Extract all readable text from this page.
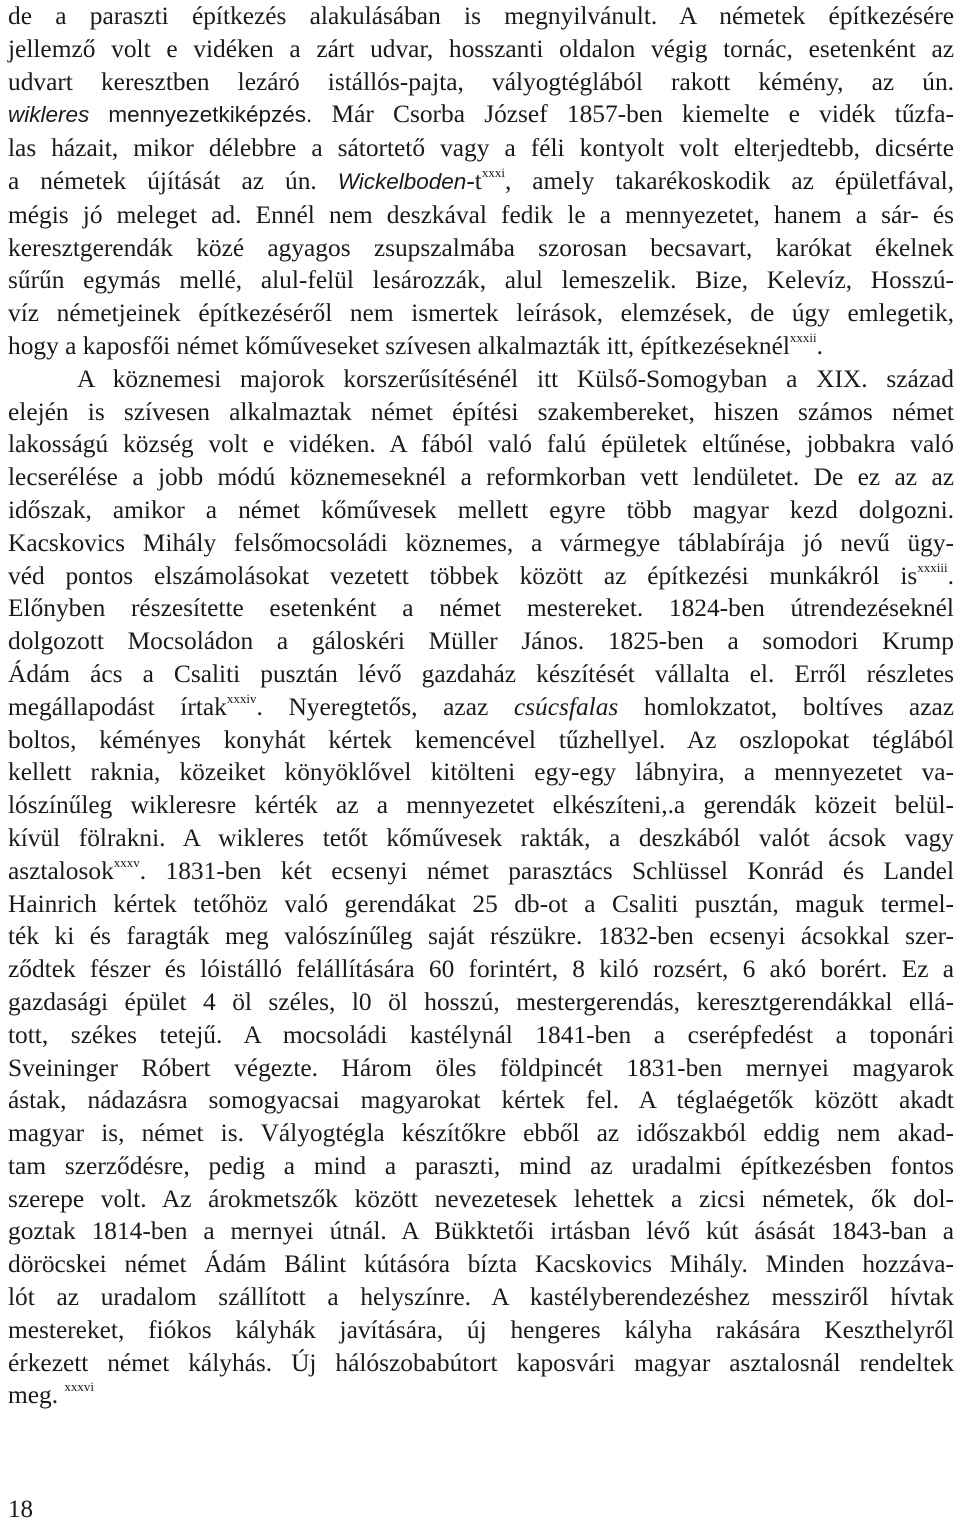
de a paraszti építkezés alakulásában is megnyilvánult. A németek építkezésére
jellemző volt e vidéken a zárt udvar, hosszanti oldalon végig tornác, esetenként az
udvart keresztben lezáró istállós-pajta, vályogtéglából rakott kémény, az ún.
wikleres mennyezetkiképzés. Már Csorba József 1857-ben kiemelte e vidék tűzfa-
las házait, mikor délebbre a sátortető vagy a féli kontyolt volt elterjedtebb, dicsérte
a németek újítását az ún. Wickelboden-$t^{xxxi}$, amely takarékoskodik az épületfával,
mégis jó meleget ad. Ennél nem deszkával fedik le a mennyezetet, hanem a sár- és
keresztgerendák közé agyagos zsupszalmába szorosan becsavart, karókat ékelnek
sűrűn egymás mellé, alul-felül lesározzák, alul lemeszelik. Bize, Kelevíz, Hosszú-
víz németjeinek építkezéséről nem ismertek leírások, elemzések, de úgy emlegetik,
hogy a kaposfői német kőműveseket szívesen alkalmazták itt, építkezéseknél$^{xxxii}$.
A köznemesi majorok korszerűsítésénél itt Külső-Somogyban a XIX. század
elején is szívesen alkalmaztak német építési szakembereket, hiszen számos német
lakosságú község volt e vidéken. A fából való falú épületek eltűnése, jobbakra való
lecserélése a jobb módú köznemeseknél a reformkorban vett lendületet. De ez az az
időszak, amikor a német kőművesek mellett egyre több magyar kezd dolgozni.
Kacskovics Mihály felsőmocsoládi köznemes, a vármegye táblabírája jó nevű ügy-
véd pontos elszámolásokat vezetett többek között az építkezési munkákról $is^{xxxiii}$.
Előnyben részesítette esetenként a német mestereket. 1824-ben útrendezéseknél
dolgozott Mocsoládon a gáloskéri Müller János. 1825-ben a somodori Krump
Ádám ács a Csaliti pusztán lévő gazdaház készítését vállalta el. Erről részletes
megállapodást írtak$^{xxxiv}$. Nyeregtetős, azaz csúcsfalas homlokzatot, boltíves azaz
boltos, kéményes konyhát kértek kemencével tűzhellyel. Az oszlopokat téglából
kellett raknia, közeiket könyöklővel kitölteni egy-egy lábnyira, a mennyezetet va-
lószínűleg wikleresre kérték az a mennyezetet elkészíteni,.a gerendák közeit belül-
kívül fölrakni. A wikleres tetőt kőművesek rakták, a deszkából valót ácsok vagy
asztalosok$^{xxxv}$. 1831-ben két ecsenyi német parasztács Schlüssel Konrád és Landel
Hainrich kértek tetőhöz való gerendákat 25 db-ot a Csaliti pusztán, maguk termel-
ték ki és faragták meg valószínűleg saját részükre. 1832-ben ecsenyi ácsokkal szer-
ződtek fészer és lóistálló felállítására 60 forintért, 8 kiló rozsért, 6 akó borért. Ez a
gazdasági épület 4 öl széles, l0 öl hosszú, mestergerendás, keresztgerendákkal ellá-
tott, székes tetejű. A mocsoládi kastélynál 1841-ben a cserépfedést a toponári
Sveininger Róbert végezte. Három öles földpincét 1831-ben mernyei magyarok
ástak, nádazásra somogyacsai magyarokat kértek fel. A téglaégetők között akadt
magyar is, német is. Vályogtégla készítőkre ebből az időszakból eddig nem akad-
tam szerződésre, pedig a mind a paraszti, mind az uradalmi építkezésben fontos
szerepe volt. Az árokmetszők között nevezetesek lehettek a zicsi németek, ők dol-
goztak 1814-ben a mernyei útnál. A Bükktetői irtásban lévő kút ásását 1843-ban a
döröcskei német Ádám Bálint kútásóra bízta Kacskovics Mihály. Minden hozzáva-
lót az uradalom szállított a helyszínre. A kastélyberendezéshez messziről hívtak
mestereket, fiókos kályhák javítására, új hengeres kályha rakására Keszthelyről
érkezett német kályhás. Új hálószobabútort kaposvári magyar asztalosnál rendeltek
meg. $^{xxxvi}$
18
